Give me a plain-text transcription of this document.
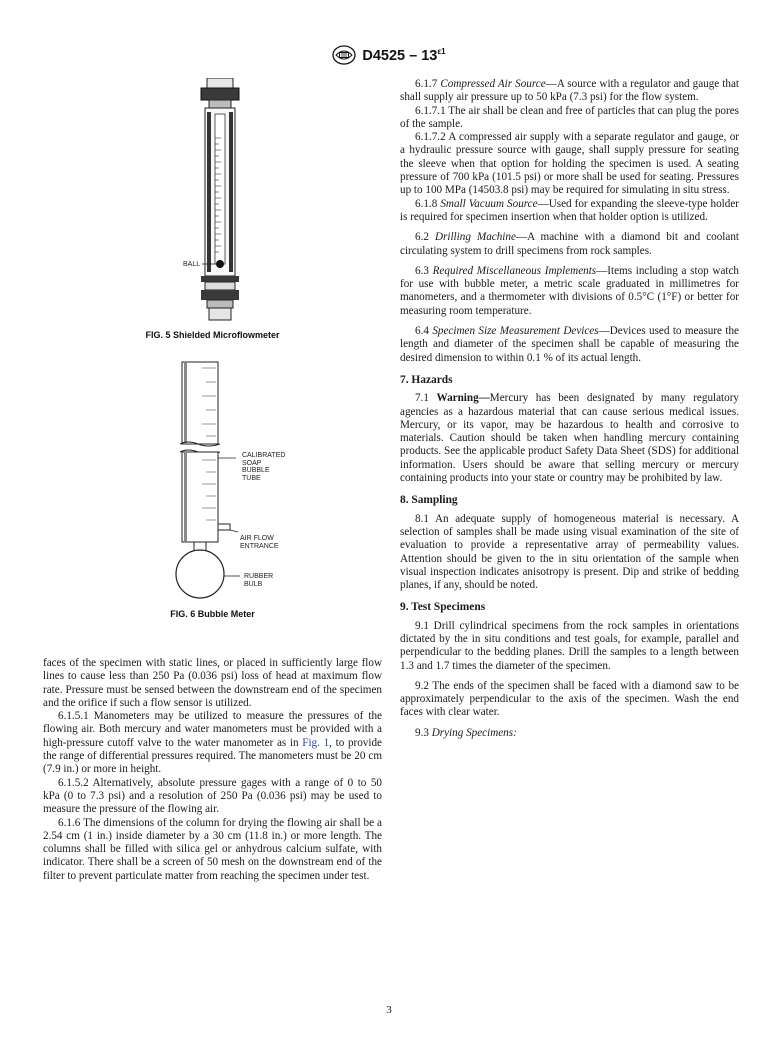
$D4525 - 13^{\varepsilon 1}$
BALL
FIG. 5 Shielded Microflowmeter
CALIBRATED
SOAP
BUBBLE
TUBE
AIR FLOW
ENTRANCE
RUBBER
BULB
FIG. 6 Bubble Meter

faces of the specimen with static lines, or placed in sufficiently large flow lines to cause less than 250 Pa (0.036 psi) loss of head at maximum flow rate. Pressure must be sensed between the downstream end of the specimen and the orifice if such a flow sensor is utilized.

6.1.5.1 Manometers may be utilized to measure the pressures of the flowing air. Both mercury and water manometers must be provided with a high-pressure cutoff valve to the water manometer as in Fig. 1, to provide the range of differential pressures required. The manometers must be 20 cm (7.9 in.) or more in height.

6.1.5.2 Alternatively, absolute pressure gages with a range of 0 to 50 kPa (0 to 7.3 psi) and a resolution of 250 Pa (0.036 psi) may be used to measure the pressure of the flowing air.

6.1.6 The dimensions of the column for drying the flowing air shall be a 2.54 cm (1 in.) inside diameter by a 30 cm (11.8 in.) or more length. The columns shall be filled with silica gel or anhydrous calcium sulfate, with indicator. There shall be a screen of 50 mesh on the downstream end of the filter to prevent particulate matter from reaching the specimen under test.

6.1.7 Compressed Air Source—A source with a regulator and gauge that shall supply air pressure up to 50 kPa (7.3 psi) for the flow system.

6.1.7.1 The air shall be clean and free of particles that can plug the pores of the sample.

6.1.7.2 A compressed air supply with a separate regulator and gauge, or a hydraulic pressure source with gauge, shall supply pressure for seating the sleeve when that option for holding the specimen is used. A seating pressure of 700 kPa (101.5 psi) or more shall be used for seating. Pressures up to 100 MPa (14503.8 psi) may be required for simulating in situ stress.

6.1.8 Small Vacuum Source—Used for expanding the sleeve-type holder is required for specimen insertion when that holder option is utilized.

6.2 Drilling Machine—A machine with a diamond bit and coolant circulating system to drill specimens from rock samples.

6.3 Required Miscellaneous Implements—Items including a stop watch for use with bubble meter, a metric scale graduated in millimetres for manometers, and a thermometer with divisions of 0.5°C (1°F) or better for measuring room temperature.

6.4 Specimen Size Measurement Devices—Devices used to measure the length and diameter of the specimen shall be capable of measuring the desired dimension to within 0.1 % of its actual length.

7. Hazards

7.1 Warning—Mercury has been designated by many regulatory agencies as a hazardous material that can cause serious medical issues. Mercury, or its vapor, may be hazardous to health and corrosive to materials. Caution should be taken when handling mercury containing products. See the applicable product Safety Data Sheet (SDS) for additional information. Users should be aware that selling mercury or mercury containing products into your state or country may be prohibited by law.

8. Sampling

8.1 An adequate supply of homogeneous material is necessary. A selection of samples shall be made using visual examination of the site of evaluation to provide a representative array of permeability values. Attention should be given to the in situ orientation of the sample when visual inspection indicates anisotropy is present. Dip and strike of bedding planes, if any, should be noted.

9. Test Specimens

9.1 Drill cylindrical specimens from the rock samples in orientations dictated by the in situ conditions and test goals, for example, parallel and perpendicular to the bedding planes. Drill the samples to a length between 1.3 and 1.7 times the diameter of the specimen.

9.2 The ends of the specimen shall be faced with a diamond saw to be approximately perpendicular to the axis of the specimen. Wash the end faces with clear water.

9.3 Drying Specimens:

3
